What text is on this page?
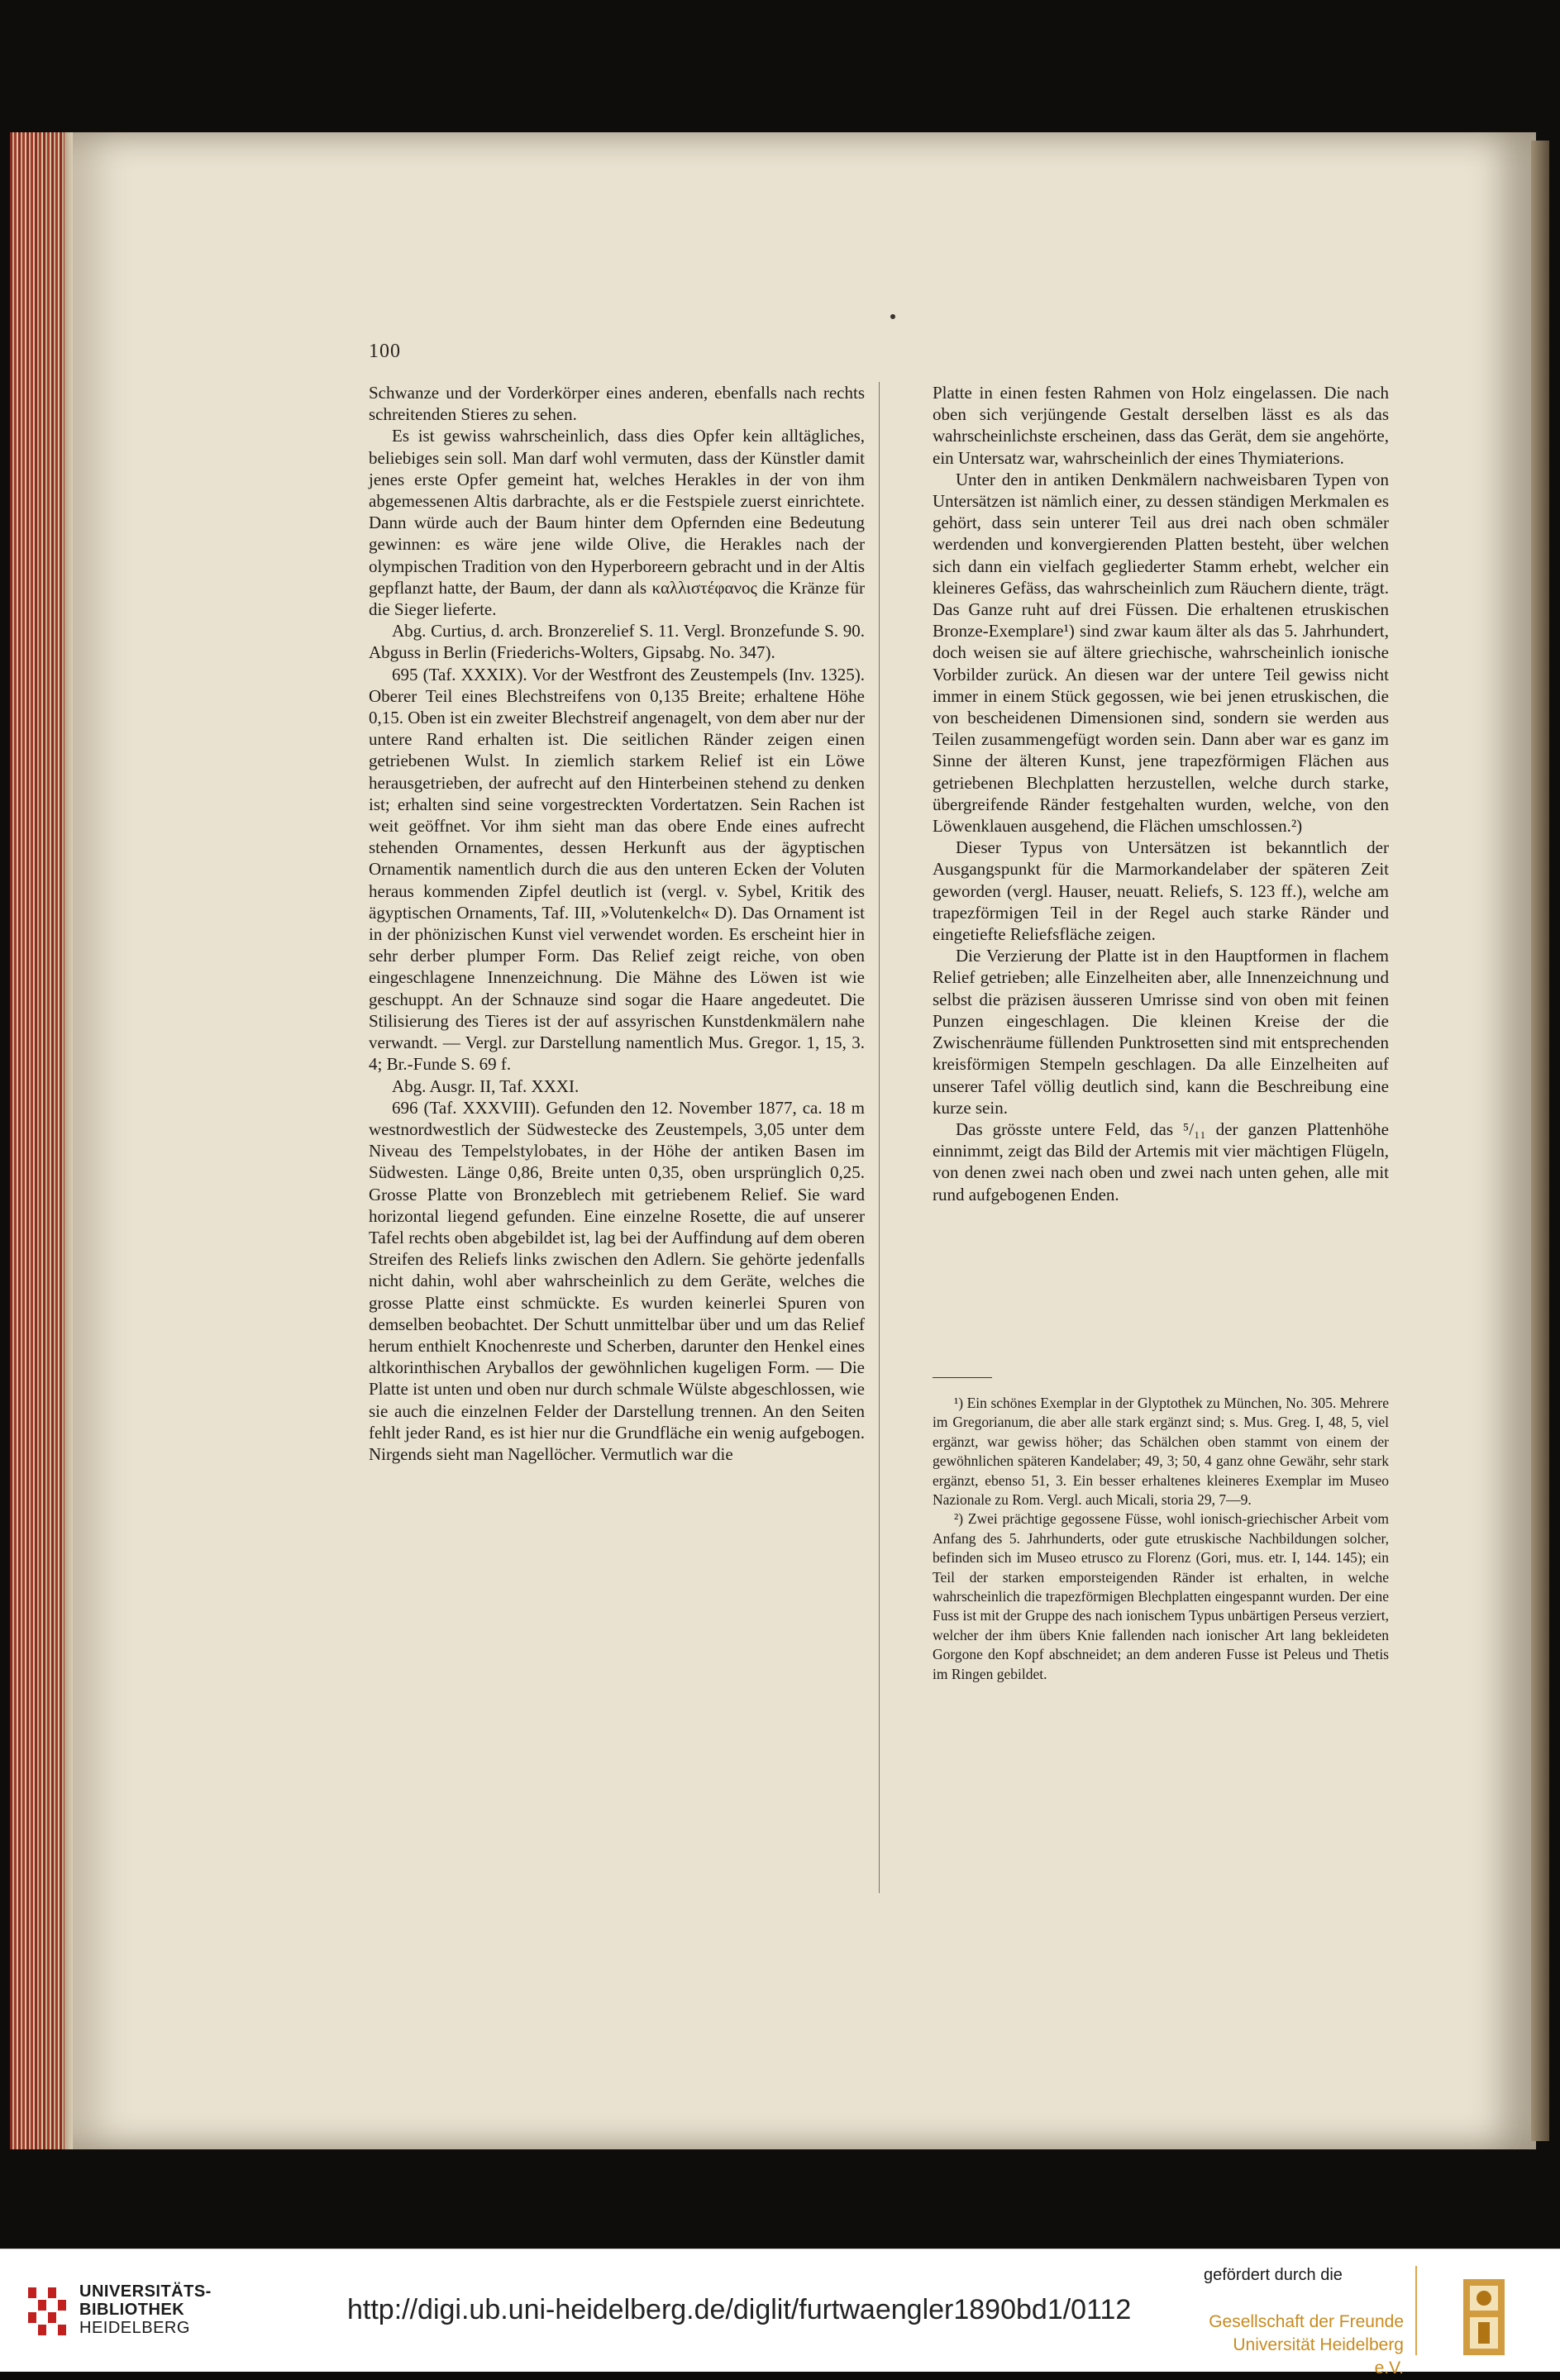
100

Schwanze und der Vorderkörper eines anderen, ebenfalls nach rechts schreitenden Stieres zu sehen.

Es ist gewiss wahrscheinlich, dass dies Opfer kein alltägliches, beliebiges sein soll. Man darf wohl vermuten, dass der Künstler damit jenes erste Opfer gemeint hat, welches Herakles in der von ihm abgemessenen Altis darbrachte, als er die Festspiele zuerst einrichtete. Dann würde auch der Baum hinter dem Opfernden eine Bedeutung gewinnen: es wäre jene wilde Olive, die Herakles nach der olympischen Tradition von den Hyperboreern gebracht und in der Altis gepflanzt hatte, der Baum, der dann als καλλιστέφανος die Kränze für die Sieger lieferte.

Abg. Curtius, d. arch. Bronzerelief S. 11. Vergl. Bronzefunde S. 90. Abguss in Berlin (Friederichs-Wolters, Gipsabg. No. 347).

695 (Taf. XXXIX). Vor der Westfront des Zeustempels (Inv. 1325). Oberer Teil eines Blechstreifens von 0,135 Breite; erhaltene Höhe 0,15. Oben ist ein zweiter Blechstreif angenagelt, von dem aber nur der untere Rand erhalten ist. Die seitlichen Ränder zeigen einen getriebenen Wulst. In ziemlich starkem Relief ist ein Löwe herausgetrieben, der aufrecht auf den Hinterbeinen stehend zu denken ist; erhalten sind seine vorgestreckten Vordertatzen. Sein Rachen ist weit geöffnet. Vor ihm sieht man das obere Ende eines aufrecht stehenden Ornamentes, dessen Herkunft aus der ägyptischen Ornamentik namentlich durch die aus den unteren Ecken der Voluten heraus kommenden Zipfel deutlich ist (vergl. v. Sybel, Kritik des ägyptischen Ornaments, Taf. III, »Volutenkelch« D). Das Ornament ist in der phönizischen Kunst viel verwendet worden. Es erscheint hier in sehr derber plumper Form. Das Relief zeigt reiche, von oben eingeschlagene Innenzeichnung. Die Mähne des Löwen ist wie geschuppt. An der Schnauze sind sogar die Haare angedeutet. Die Stilisierung des Tieres ist der auf assyrischen Kunstdenkmälern nahe verwandt. — Vergl. zur Darstellung namentlich Mus. Gregor. 1, 15, 3. 4; Br.-Funde S. 69 f.

Abg. Ausgr. II, Taf. XXXI.

696 (Taf. XXXVIII). Gefunden den 12. November 1877, ca. 18 m westnordwestlich der Südwestecke des Zeustempels, 3,05 unter dem Niveau des Tempelstylobates, in der Höhe der antiken Basen im Südwesten. Länge 0,86, Breite unten 0,35, oben ursprünglich 0,25. Grosse Platte von Bronzeblech mit getriebenem Relief. Sie ward horizontal liegend gefunden. Eine einzelne Rosette, die auf unserer Tafel rechts oben abgebildet ist, lag bei der Auffindung auf dem oberen Streifen des Reliefs links zwischen den Adlern. Sie gehörte jedenfalls nicht dahin, wohl aber wahrscheinlich zu dem Geräte, welches die grosse Platte einst schmückte. Es wurden keinerlei Spuren von demselben beobachtet. Der Schutt unmittelbar über und um das Relief herum enthielt Knochenreste und Scherben, darunter den Henkel eines altkorinthischen Aryballos der gewöhnlichen kugeligen Form. — Die Platte ist unten und oben nur durch schmale Wülste abgeschlossen, wie sie auch die einzelnen Felder der Darstellung trennen. An den Seiten fehlt jeder Rand, es ist hier nur die Grundfläche ein wenig aufgebogen. Nirgends sieht man Nagellöcher. Vermutlich war die

Platte in einen festen Rahmen von Holz eingelassen. Die nach oben sich verjüngende Gestalt derselben lässt es als das wahrscheinlichste erscheinen, dass das Gerät, dem sie angehörte, ein Untersatz war, wahrscheinlich der eines Thymiaterions.

Unter den in antiken Denkmälern nachweisbaren Typen von Untersätzen ist nämlich einer, zu dessen ständigen Merkmalen es gehört, dass sein unterer Teil aus drei nach oben schmäler werdenden und konvergierenden Platten besteht, über welchen sich dann ein vielfach gegliederter Stamm erhebt, welcher ein kleineres Gefäss, das wahrscheinlich zum Räuchern diente, trägt. Das Ganze ruht auf drei Füssen. Die erhaltenen etruskischen Bronze-Exemplare¹) sind zwar kaum älter als das 5. Jahrhundert, doch weisen sie auf ältere griechische, wahrscheinlich ionische Vorbilder zurück. An diesen war der untere Teil gewiss nicht immer in einem Stück gegossen, wie bei jenen etruskischen, die von bescheidenen Dimensionen sind, sondern sie werden aus Teilen zusammengefügt worden sein. Dann aber war es ganz im Sinne der älteren Kunst, jene trapezförmigen Flächen aus getriebenen Blechplatten herzustellen, welche durch starke, übergreifende Ränder festgehalten wurden, welche, von den Löwenklauen ausgehend, die Flächen umschlossen.²)

Dieser Typus von Untersätzen ist bekanntlich der Ausgangspunkt für die Marmorkandelaber der späteren Zeit geworden (vergl. Hauser, neuatt. Reliefs, S. 123 ff.), welche am trapezförmigen Teil in der Regel auch starke Ränder und eingetiefte Reliefsfläche zeigen.

Die Verzierung der Platte ist in den Hauptformen in flachem Relief getrieben; alle Einzelheiten aber, alle Innenzeichnung und selbst die präzisen äusseren Umrisse sind von oben mit feinen Punzen eingeschlagen. Die kleinen Kreise der die Zwischenräume füllenden Punktrosetten sind mit entsprechenden kreisförmigen Stempeln geschlagen. Da alle Einzelheiten auf unserer Tafel völlig deutlich sind, kann die Beschreibung eine kurze sein.

Das grösste untere Feld, das ⁵/₁₁ der ganzen Plattenhöhe einnimmt, zeigt das Bild der Artemis mit vier mächtigen Flügeln, von denen zwei nach oben und zwei nach unten gehen, alle mit rund aufgebogenen Enden.

¹) Ein schönes Exemplar in der Glyptothek zu München, No. 305. Mehrere im Gregorianum, die aber alle stark ergänzt sind; s. Mus. Greg. I, 48, 5, viel ergänzt, war gewiss höher; das Schälchen oben stammt von einem der gewöhnlichen späteren Kandelaber; 49, 3; 50, 4 ganz ohne Gewähr, sehr stark ergänzt, ebenso 51, 3. Ein besser erhaltenes kleineres Exemplar im Museo Nazionale zu Rom. Vergl. auch Micali, storia 29, 7—9.

²) Zwei prächtige gegossene Füsse, wohl ionisch-griechischer Arbeit vom Anfang des 5. Jahrhunderts, oder gute etruskische Nachbildungen solcher, befinden sich im Museo etrusco zu Florenz (Gori, mus. etr. I, 144. 145); ein Teil der starken emporsteigenden Ränder ist erhalten, in welche wahrscheinlich die trapezförmigen Blechplatten eingespannt wurden. Der eine Fuss ist mit der Gruppe des nach ionischem Typus unbärtigen Perseus verziert, welcher der ihm übers Knie fallenden nach ionischer Art lang bekleideten Gorgone den Kopf abschneidet; an dem anderen Fusse ist Peleus und Thetis im Ringen gebildet.

UNIVERSITÄTS-
BIBLIOTHEK
HEIDELBERG
http://digi.ub.uni-heidelberg.de/diglit/furtwaengler1890bd1/0112
gefördert durch die
Gesellschaft der Freunde
Universität Heidelberg e.V.
